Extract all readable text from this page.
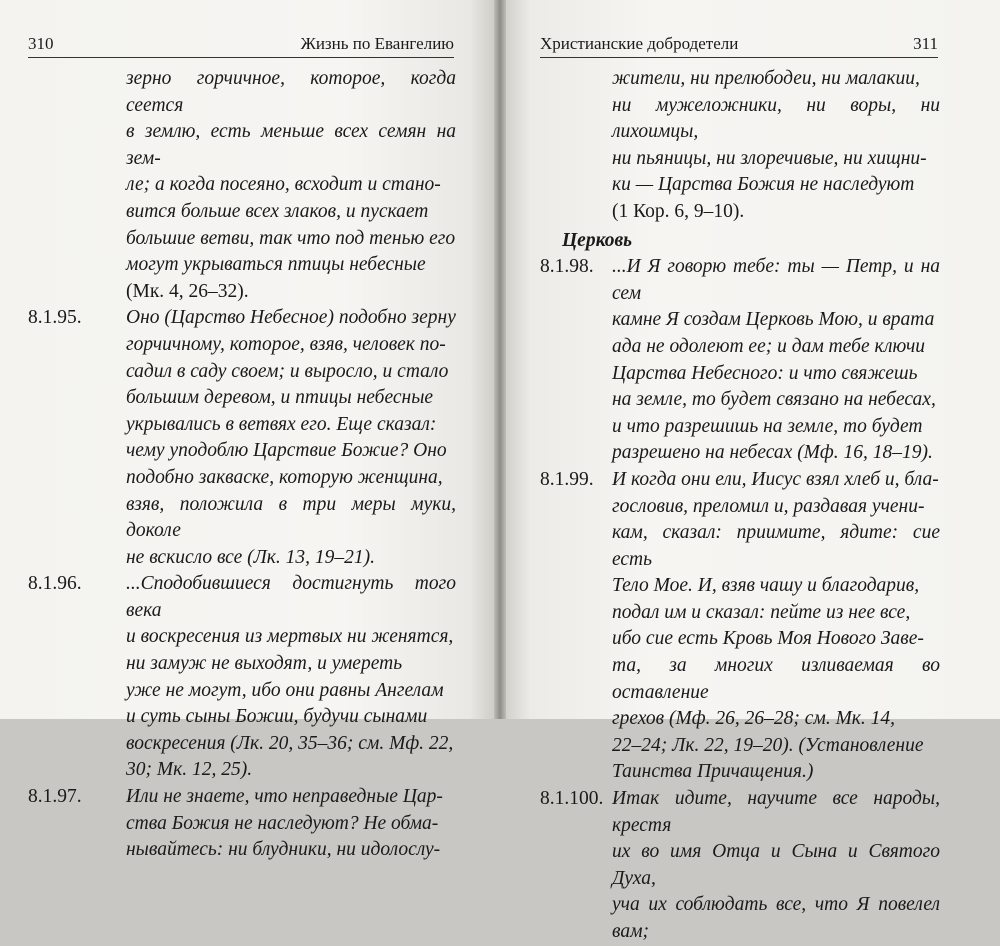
310	Жизнь по Евангелию
зерно горчичное, которое, когда сеется
в землю, есть меньше всех семян на зем-
ле; а когда посеяно, всходит и стано-
вится больше всех злаков, и пускает
большие ветви, так что под тенью его
могут укрываться птицы небесные
(Мк. 4, 26–32).
8.1.95.	Оно (Царство Небесное) подобно зерну
горчичному, которое, взяв, человек по-
садил в саду своем; и выросло, и стало
большим деревом, и птицы небесные
укрывались в ветвях его. Еще сказал:
чему уподоблю Царствие Божие? Оно
подобно закваске, которую женщина,
взяв, положила в три меры муки, доколе
не вскисло все (Лк. 13, 19–21).
8.1.96.	...Сподобившиеся достигнуть того века
и воскресения из мертвых ни женятся,
ни замуж не выходят, и умереть
уже не могут, ибо они равны Ангелам
и суть сыны Божии, будучи сынами
воскресения (Лк. 20, 35–36; см. Мф. 22,
30; Мк. 12, 25).
8.1.97.	Или не знаете, что неправедные Цар-
ства Божия не наследуют? Не обма-
нывайтесь: ни блудники, ни идолослу-
Христианские добродетели	311
жители, ни прелюбодеи, ни малакии,
ни мужеложники, ни воры, ни лихоимцы,
ни пьяницы, ни злоречивые, ни хищни-
ки — Царства Божия не наследуют
(1 Кор. 6, 9–10).
Церковь
8.1.98. ...И Я говорю тебе: ты — Петр, и на сем
камне Я создам Церковь Мою, и врата
ада не одолеют ее; и дам тебе ключи
Царства Небесного: и что свяжешь
на земле, то будет связано на небесах,
и что разрешишь на земле, то будет
разрешено на небесах (Мф. 16, 18–19).
8.1.99. И когда они ели, Иисус взял хлеб и, бла-
гословив, преломил и, раздавая учени-
кам, сказал: приимите, ядите: сие есть
Тело Мое. И, взяв чашу и благодарив,
подал им и сказал: пейте из нее все,
ибо сие есть Кровь Моя Нового Заве-
та, за многих изливаемая во оставление
грехов (Мф. 26, 26–28; см. Мк. 14,
22–24; Лк. 22, 19–20). (Установление
Таинства Причащения.)
8.1.100. Итак идите, научите все народы, крестя
их во имя Отца и Сына и Святого Духа,
уча их соблюдать все, что Я повелел вам;
